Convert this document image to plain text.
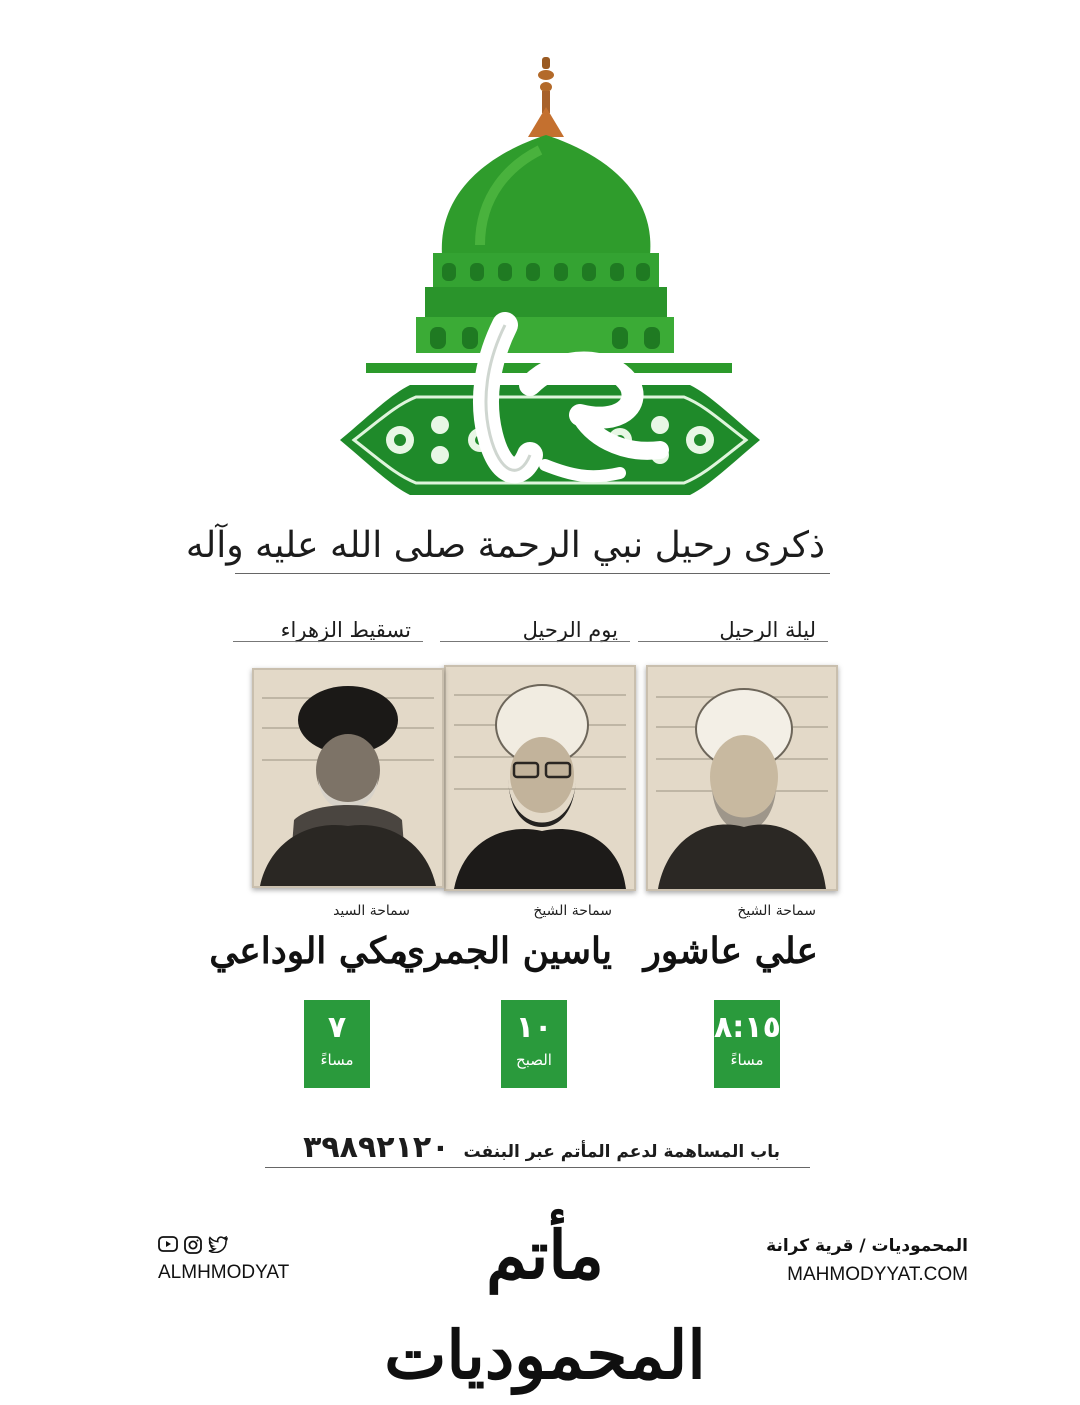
ذكرى رحيل نبي الرحمة صلى الله عليه وآله
ليلة الرحيل
يوم الرحيل
تسقيط الزهراء
سماحة الشيخ
سماحة الشيخ
سماحة السيد
علي عاشور
ياسين الجمري
مكي الوداعي
٨:١٥
مساءً
١٠
الصبح
٧
مساءً
باب المساهمة لدعم المأتم عبر البنفت ٣٩٨٩٢١٢٠
ALMHMODYAT	مأتم المحموديات
المحموديات / قرية كرانة
MAHMODYYAT.COM
